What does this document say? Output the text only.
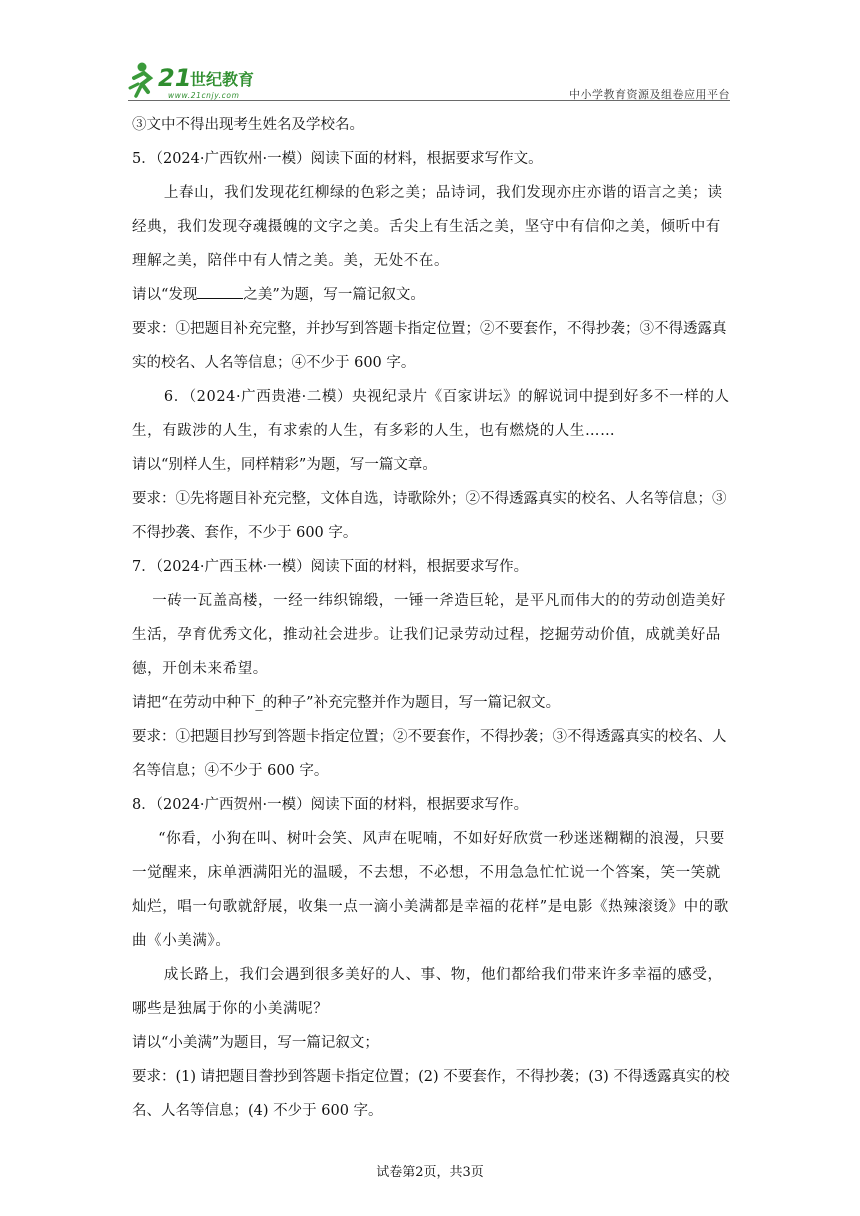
21
世纪教育
www.21cnjy.com	中小学教育资源及组卷应用平台

③文中不得出现考生姓名及学校名。

5．（2024·广西钦州·一模）阅读下面的材料，根据要求写作文。

上春山，我们发现花红柳绿的色彩之美；品诗词，我们发现亦庄亦谐的语言之美；读经典，我们发现夺魂摄魄的文字之美。舌尖上有生活之美，坚守中有信仰之美，倾听中有理解之美，陪伴中有人情之美。美，无处不在。

请以“发现	之美”为题，写一篇记叙文。

要求：①把题目补充完整，并抄写到答题卡指定位置；②不要套作，不得抄袭；③不得透露真实的校名、人名等信息；④不少于 600 字。

6．（2024·广西贵港·二模）央视纪录片《百家讲坛》的解说词中提到好多不一样的人生，有跋涉的人生，有求索的人生，有多彩的人生，也有燃烧的人生……

请以“别样人生，同样精彩”为题，写一篇文章。

要求：①先将题目补充完整，文体自选，诗歌除外；②不得透露真实的校名、人名等信息；③不得抄袭、套作，不少于 600 字。

7．（2024·广西玉林·一模）阅读下面的材料，根据要求写作。

一砖一瓦盖高楼，一经一纬织锦缎，一锤一斧造巨轮，是平凡而伟大的的劳动创造美好生活，孕育优秀文化，推动社会进步。让我们记录劳动过程，挖掘劳动价值，成就美好品德，开创未来希望。

请把“在劳动中种下_的种子”补充完整并作为题目，写一篇记叙文。

要求：①把题目抄写到答题卡指定位置；②不要套作，不得抄袭；③不得透露真实的校名、人名等信息；④不少于 600 字。

8．（2024·广西贺州·一模）阅读下面的材料，根据要求写作。

“你看，小狗在叫、树叶会笑、风声在呢喃，不如好好欣赏一秒迷迷糊糊的浪漫，只要一觉醒来，床单洒满阳光的温暖，不去想，不必想，不用急急忙忙说一个答案，笑一笑就灿烂，唱一句歌就舒展，收集一点一滴小美满都是幸福的花样”是电影《热辣滚烫》中的歌曲《小美满》。

成长路上，我们会遇到很多美好的人、事、物，他们都给我们带来许多幸福的感受，哪些是独属于你的小美满呢？

请以“小美满”为题目，写一篇记叙文；

要求：(1) 请把题目誊抄到答题卡指定位置；(2) 不要套作，不得抄袭；(3) 不得透露真实的校名、人名等信息；(4) 不少于 600 字。

试卷第2页，共3页
